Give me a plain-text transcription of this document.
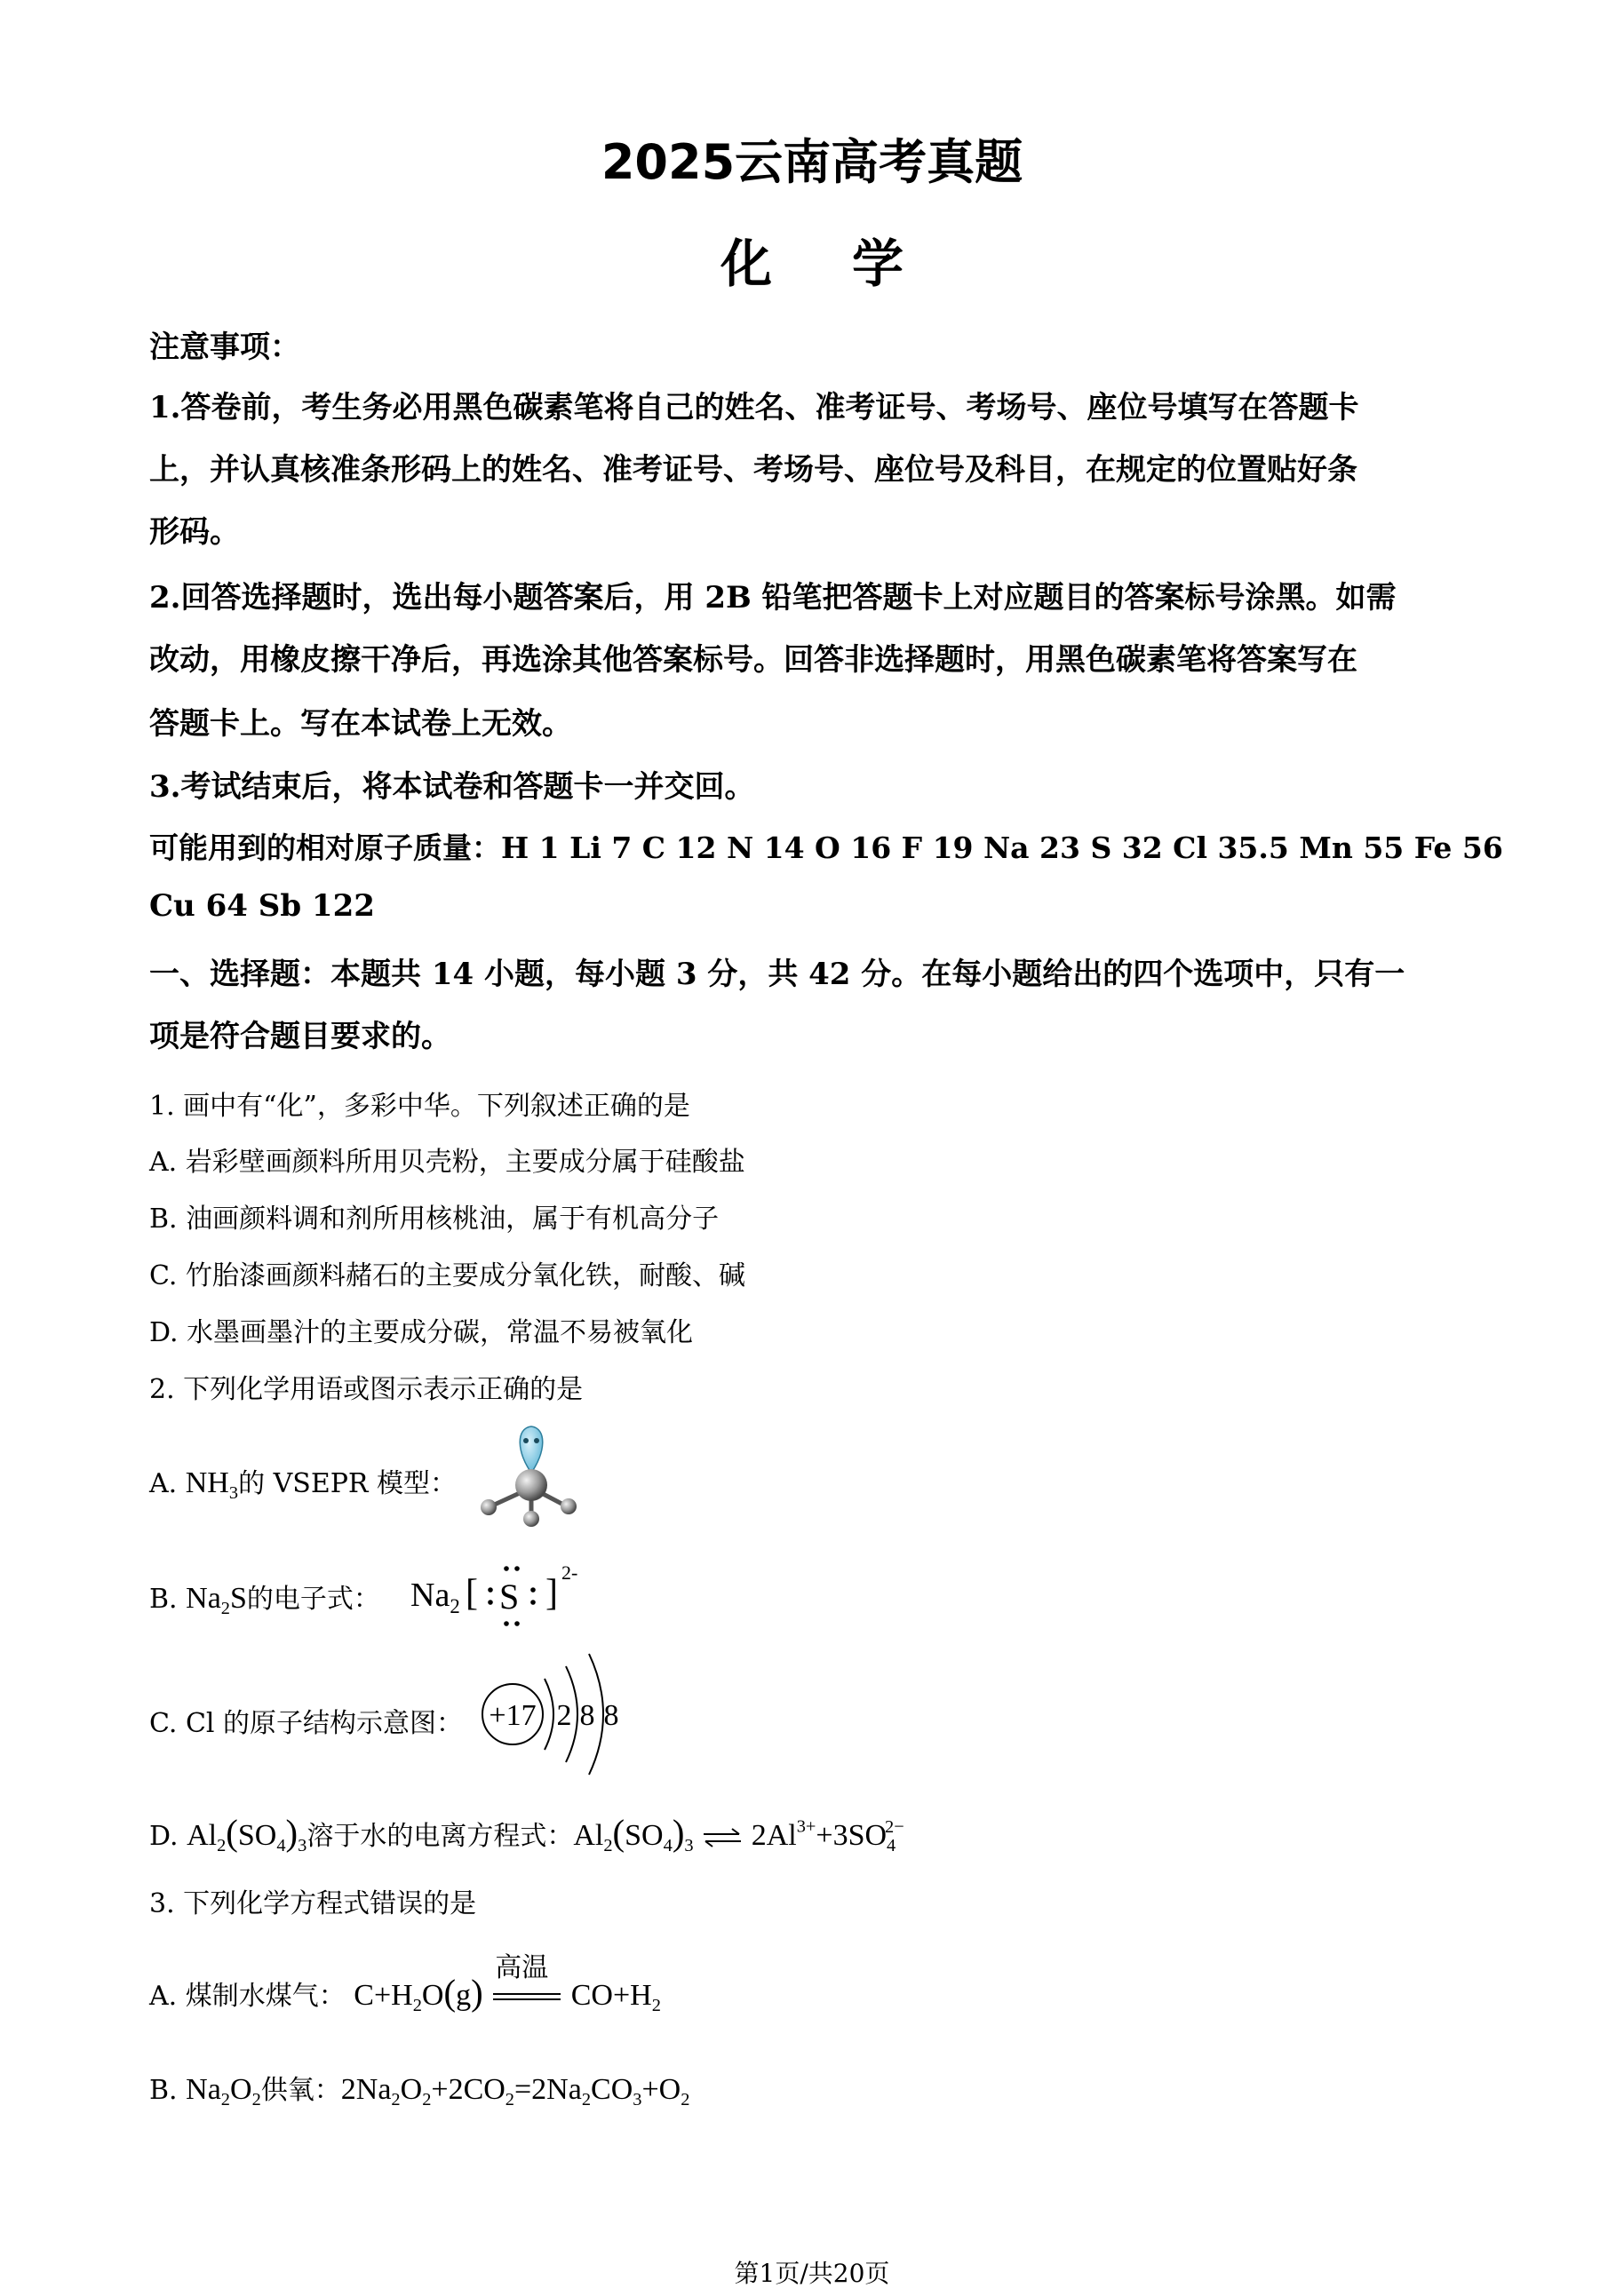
2025云南高考真题
化学
注意事项：
1.答卷前，考生务必用黑色碳素笔将自己的姓名、准考证号、考场号、座位号填写在答题卡
上，并认真核准条形码上的姓名、准考证号、考场号、座位号及科目，在规定的位置贴好条
形码。
2.回答选择题时，选出每小题答案后，用 2B 铅笔把答题卡上对应题目的答案标号涂黑。如需
改动，用橡皮擦干净后，再选涂其他答案标号。回答非选择题时，用黑色碳素笔将答案写在
答题卡上。写在本试卷上无效。
3.考试结束后，将本试卷和答题卡一并交回。
可能用到的相对原子质量：H 1 Li 7 C 12 N 14 O 16 F 19 Na 23 S 32 Cl 35.5 Mn 55 Fe 56
Cu 64 Sb 122
一、选择题：本题共 14 小题，每小题 3 分，共 42 分。在每小题给出的四个选项中，只有一
项是符合题目要求的。
1. 画中有“化”，多彩中华。下列叙述正确的是
A. 岩彩壁画颜料所用贝壳粉，主要成分属于硅酸盐
B. 油画颜料调和剂所用核桃油，属于有机高分子
C. 竹胎漆画颜料赭石的主要成分氧化铁，耐酸、碱
D. 水墨画墨汁的主要成分碳，常温不易被氧化
2. 下列化学用语或图示表示正确的是
A. $NH_3$的 VSEPR 模型：
B. $Na_2S$的电子式： $Na_2$ [ S ]
2-
C. Cl 的原子结构示意图： +17 2 8 8
D. $Al_2(SO_4)_3$溶于水的电离方程式：$Al_2(SO_4)_3$ ⇌ $2Al^{3+}+3SO_4^{2-}$
3. 下列化学方程式错误的是
A. 煤制水煤气： $C+H_2O(g)$
高温
$CO+H_2$
B. $Na_2O_2$供氧：$2Na_2O_2+2CO_2=2Na_2CO_3+O_2$
第1页/共20页
